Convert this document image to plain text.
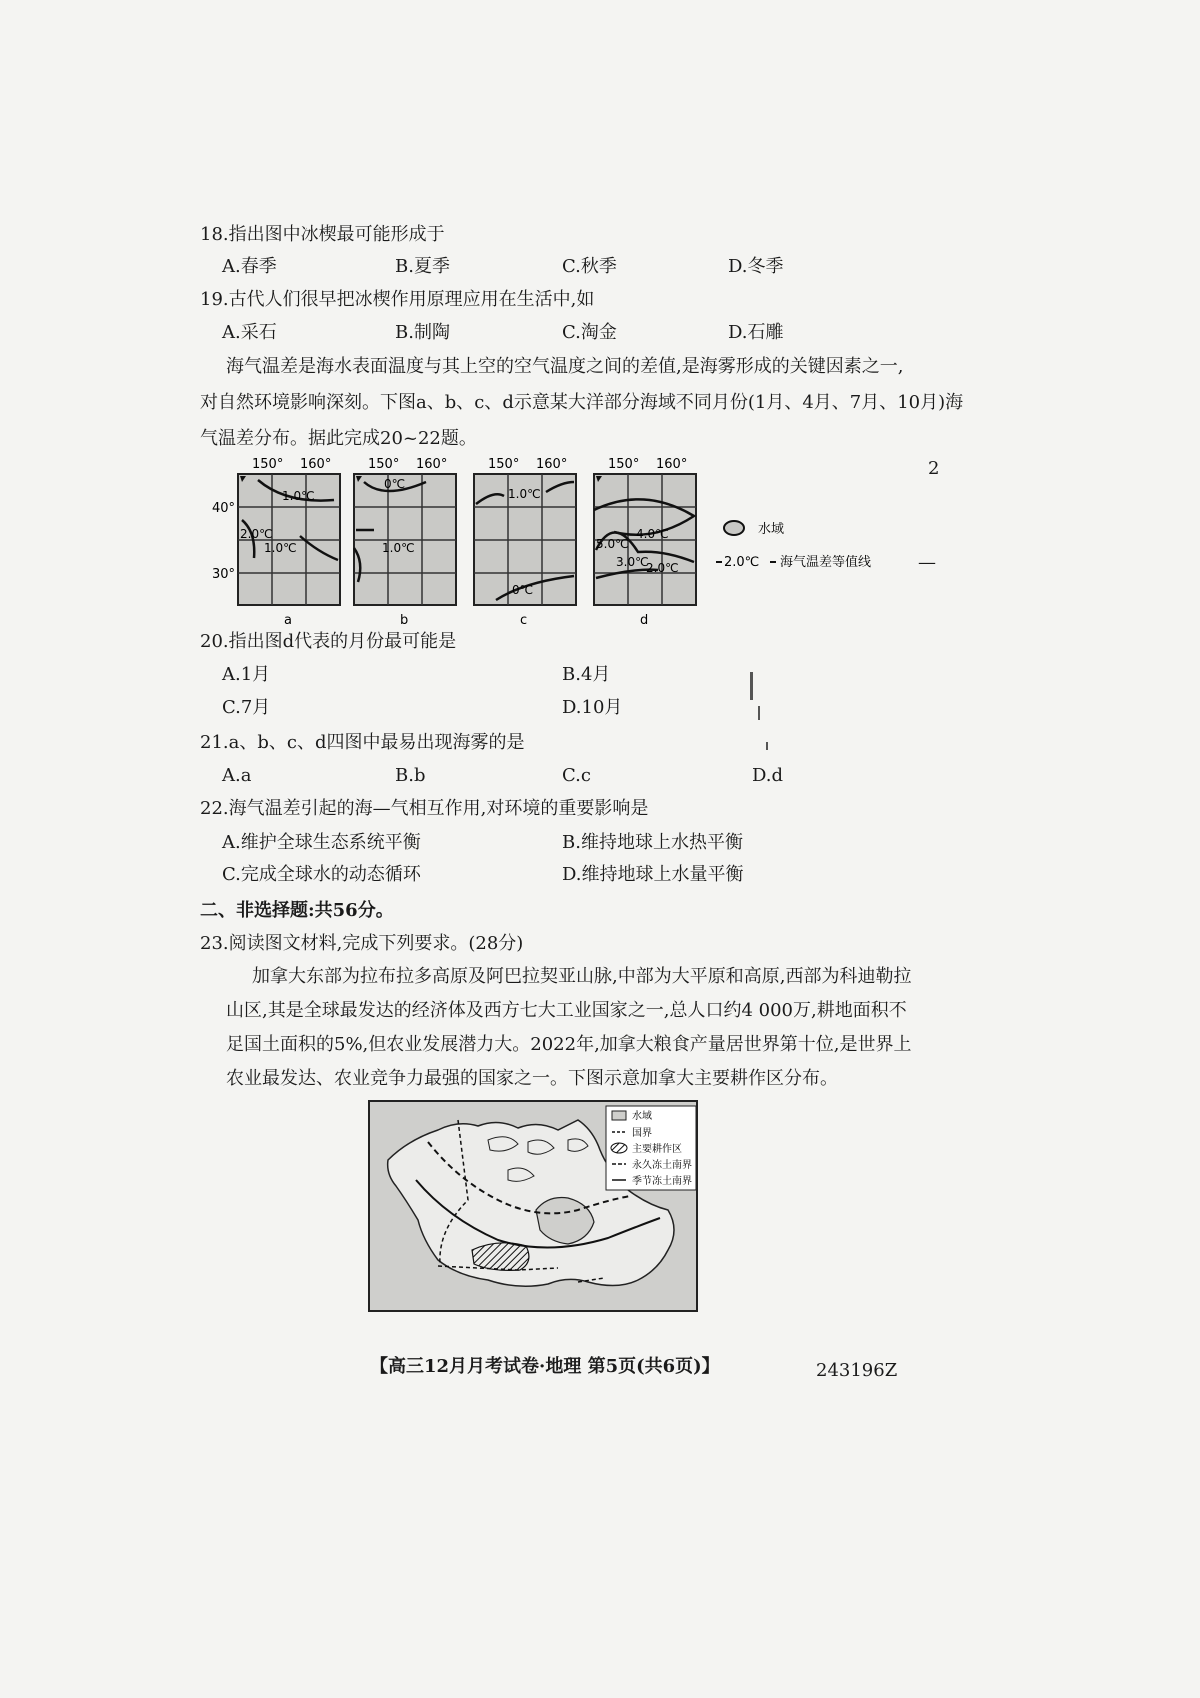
18.指出图中冰楔最可能形成于
A.春季	B.夏季	C.秋季	D.冬季
19.古代人们很早把冰楔作用原理应用在生活中,如
A.采石	B.制陶	C.淘金	D.石雕
海气温差是海水表面温度与其上空的空气温度之间的差值,是海雾形成的关键因素之一,
对自然环境影响深刻。下图a、b、c、d示意某大洋部分海域不同月份(1月、4月、7月、10月)海
气温差分布。据此完成20~22题。
150° 160°
40°
30°
1.0℃
2.0℃
1.0℃
a
150° 160°
0℃
1.0℃
b
150° 160°
1.0℃
0℃
c
150° 160°
5.0℃
4.0℃
3.0℃
2.0℃
d
水域
2.0℃ 海气温差等值线
2
—
20.指出图d代表的月份最可能是
A.1月	B.4月
C.7月	D.10月
21.a、b、c、d四图中最易出现海雾的是
A.a	B.b	C.c	D.d
22.海气温差引起的海—气相互作用,对环境的重要影响是
A.维护全球生态系统平衡	B.维持地球上水热平衡
C.完成全球水的动态循环	D.维持地球上水量平衡
二、非选择题:共56分。
23.阅读图文材料,完成下列要求。(28分)
加拿大东部为拉布拉多高原及阿巴拉契亚山脉,中部为大平原和高原,西部为科迪勒拉
山区,其是全球最发达的经济体及西方七大工业国家之一,总人口约4 000万,耕地面积不
足国土面积的5%,但农业发展潜力大。2022年,加拿大粮食产量居世界第十位,是世界上
农业最发达、农业竞争力最强的国家之一。下图示意加拿大主要耕作区分布。
水域
国界
主要耕作区
永久冻土南界
季节冻土南界
【高三12月月考试卷·地理 第5页(共6页)】	243196Z
